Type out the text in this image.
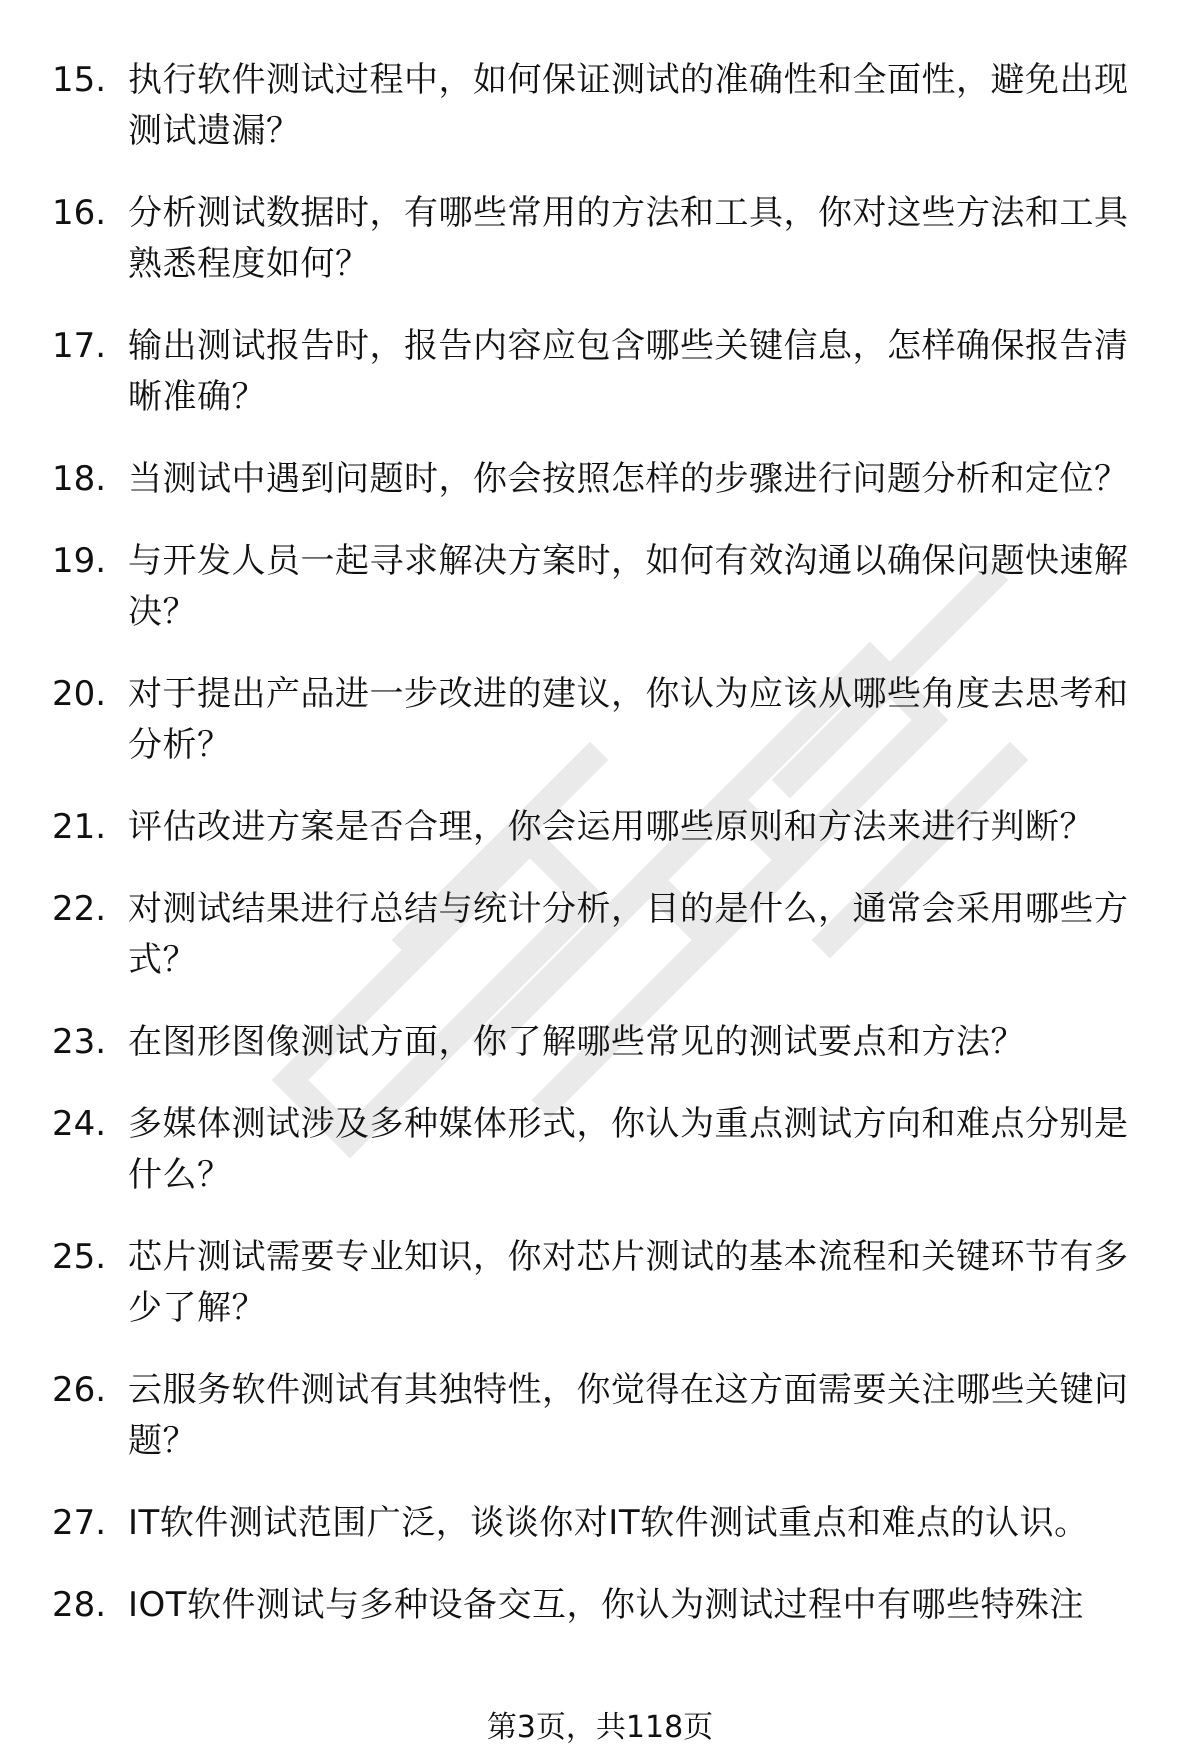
15. 执行软件测试过程中，如何保证测试的准确性和全面性，避免出现测试遗漏？
16. 分析测试数据时，有哪些常用的方法和工具，你对这些方法和工具熟悉程度如何？
17. 输出测试报告时，报告内容应包含哪些关键信息，怎样确保报告清晰准确？
18. 当测试中遇到问题时，你会按照怎样的步骤进行问题分析和定位？
19. 与开发人员一起寻求解决方案时，如何有效沟通以确保问题快速解决？
20. 对于提出产品进一步改进的建议，你认为应该从哪些角度去思考和分析？
21. 评估改进方案是否合理，你会运用哪些原则和方法来进行判断？
22. 对测试结果进行总结与统计分析，目的是什么，通常会采用哪些方式？
23. 在图形图像测试方面，你了解哪些常见的测试要点和方法？
24. 多媒体测试涉及多种媒体形式，你认为重点测试方向和难点分别是什么？
25. 芯片测试需要专业知识，你对芯片测试的基本流程和关键环节有多少了解？
26. 云服务软件测试有其独特性，你觉得在这方面需要关注哪些关键问题？
27. IT软件测试范围广泛，谈谈你对IT软件测试重点和难点的认识。
28. IOT软件测试与多种设备交互，你认为测试过程中有哪些特殊注
第3页，共118页
